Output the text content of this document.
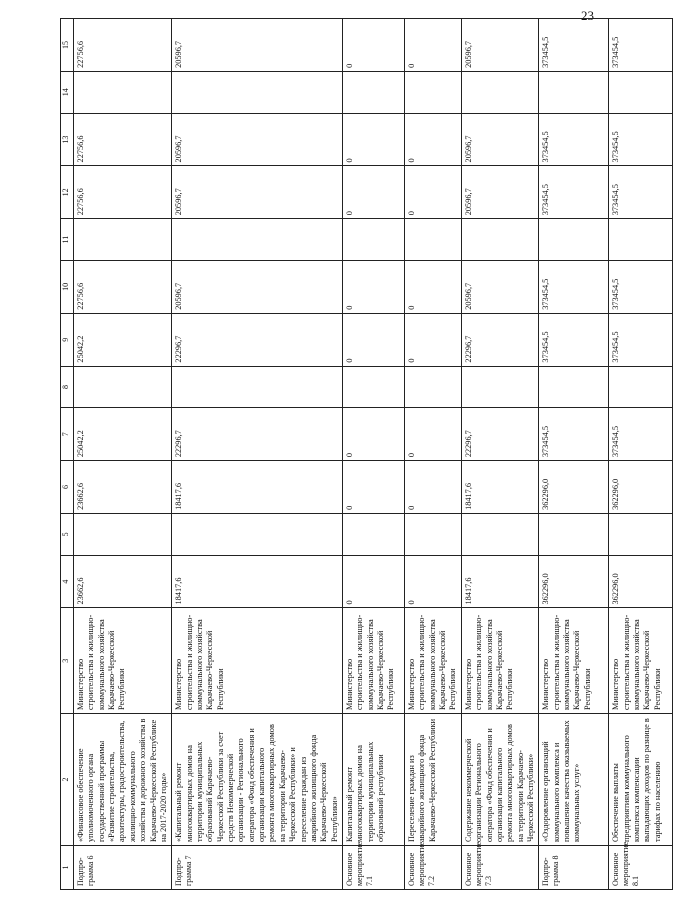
23
1	2	3	4	5	6	7	8	9	10	11	12	13	14	15
Подпро-грамма 6	«Финансовое обеспечение уполномоченного органа государственной программы «Развитие строительства, архитектуры, градостроительства, жилищно-коммунального хозяйства и дорожного хозяйства в Карачаево-Черкесской Республике на 2017-2020 годы»	Министерство строительства и жилищно-коммунального хозяйства Карачаево-Черкесской Республики	23662,6		23662,6	25042,2		25042,2	22756,6		22756,6	22756,6		22756,6
Подпро-грамма 7	«Капитальный ремонт многоквартирных домов на территории муниципальных образований Карачаево-Черкесской Республики за счет средств Некоммерческой организации - Регионального оператора «Фонд обеспечения и организации капитального ремонта многоквартирных домов на территории Карачаево-Черкесской Республики» и переселение граждан из аварийного жилищного фонда Карачаево-Черкесской Республики»	Министерство строительства и жилищно-коммунального хозяйства Карачаево-Черкесской Республики	18417,6		18417,6	22296,7		22296,7	20596,7		20596,7	20596,7		20596,7
Основное мероприятие 7.1	Капитальный ремонт многоквартирных домов на территории муниципальных образований республики	Министерство строительства и жилищно-коммунального хозяйства Карачаево-Черкесской Республики	0		0	0		0	0		0	0		0
Основное мероприятие 7.2	Переселение граждан из аварийного жилищного фонда Карачаево-Черкесской Республики	Министерство строительства и жилищно-коммунального хозяйства Карачаево-Черкесской Республики	0		0	0		0	0		0	0		0
Основное мероприятие 7.3	Содержание некоммерческой организации Регионального оператора «Фонд обеспечения и организации капитального ремонта многоквартирных домов на территории Карачаево-Черкесской Республики»	Министерство строительства и жилищно-коммунального хозяйства Карачаево-Черкесской Республики	18417,6		18417,6	22296,7		22296,7	20596,7		20596,7	20596,7		20596,7
Подпро-грамма 8	«Оздоровление организаций коммунального комплекса и повышение качества оказываемых коммунальных услуг»	Министерство строительства и жилищно-коммунального хозяйства Карачаево-Черкесской Республики	362296,0		362296,0	373454,5		373454,5	373454,5		373454,5	373454,5		373454,5
Основное мероприятие 8.1	Обеспечение выплаты предприятиям коммунального комплекса компенсации выпадающих доходов по разнице в тарифах по населению	Министерство строительства и жилищно-коммунального хозяйства Карачаево-Черкесской Республики	362296,0		362296,0	373454,5		373454,5	373454,5		373454,5	373454,5		373454,5
